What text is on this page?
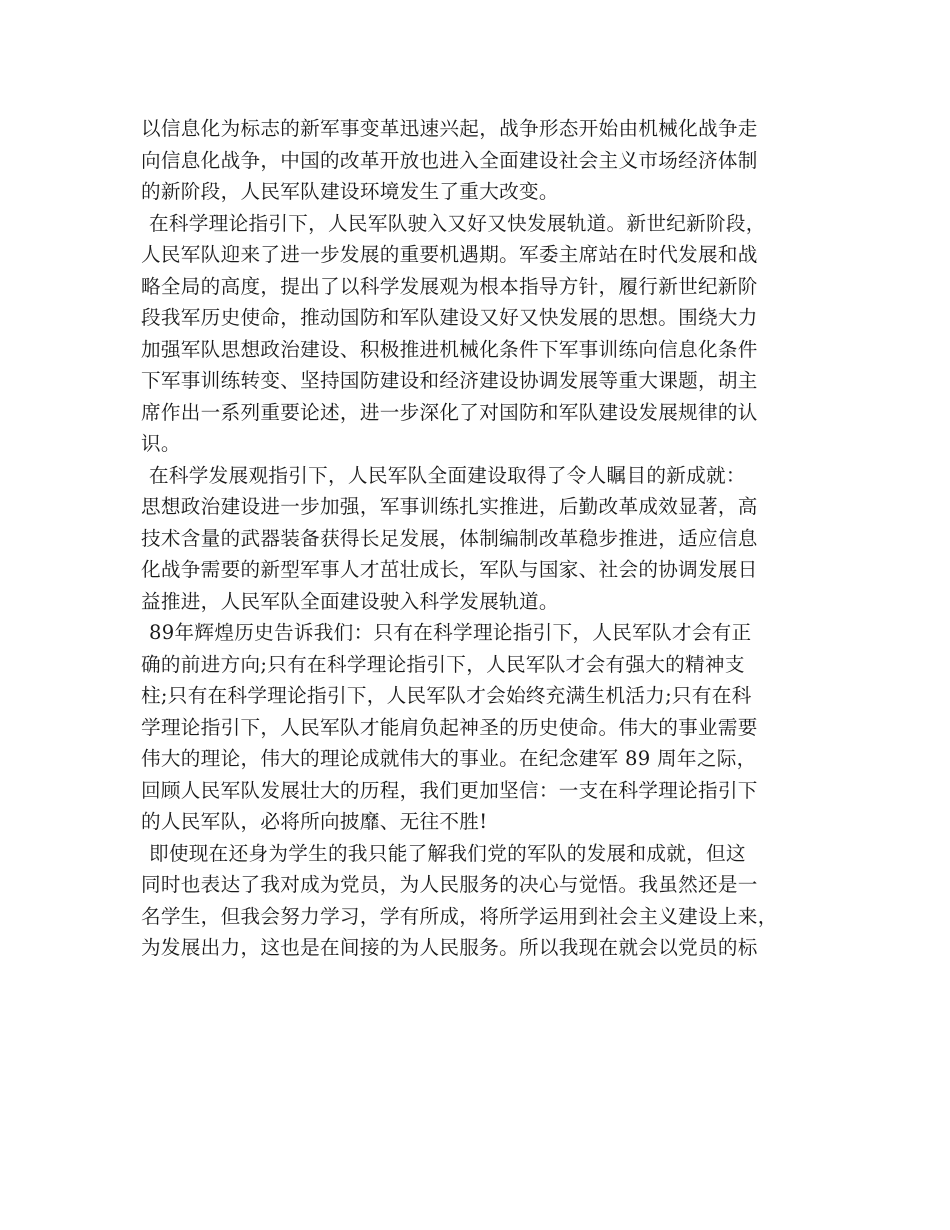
以信息化为标志的新军事变革迅速兴起，战争形态开始由机械化战争走
向信息化战争，中国的改革开放也进入全面建设社会主义市场经济体制
的新阶段，人民军队建设环境发生了重大改变。
在科学理论指引下，人民军队驶入又好又快发展轨道。新世纪新阶段，
人民军队迎来了进一步发展的重要机遇期。军委主席站在时代发展和战
略全局的高度，提出了以科学发展观为根本指导方针，履行新世纪新阶
段我军历史使命，推动国防和军队建设又好又快发展的思想。围绕大力
加强军队思想政治建设、积极推进机械化条件下军事训练向信息化条件
下军事训练转变、坚持国防建设和经济建设协调发展等重大课题，胡主
席作出一系列重要论述，进一步深化了对国防和军队建设发展规律的认
识。
在科学发展观指引下，人民军队全面建设取得了令人瞩目的新成就：
思想政治建设进一步加强，军事训练扎实推进，后勤改革成效显著，高
技术含量的武器装备获得长足发展，体制编制改革稳步推进，适应信息
化战争需要的新型军事人才茁壮成长，军队与国家、社会的协调发展日
益推进，人民军队全面建设驶入科学发展轨道。
89年辉煌历史告诉我们：只有在科学理论指引下，人民军队才会有正
确的前进方向;只有在科学理论指引下，人民军队才会有强大的精神支
柱;只有在科学理论指引下，人民军队才会始终充满生机活力;只有在科
学理论指引下，人民军队才能肩负起神圣的历史使命。伟大的事业需要
伟大的理论，伟大的理论成就伟大的事业。在纪念建军 89 周年之际，
回顾人民军队发展壮大的历程，我们更加坚信：一支在科学理论指引下
的人民军队，必将所向披靡、无往不胜!
即使现在还身为学生的我只能了解我们党的军队的发展和成就，但这
同时也表达了我对成为党员，为人民服务的决心与觉悟。我虽然还是一
名学生，但我会努力学习，学有所成，将所学运用到社会主义建设上来，
为发展出力，这也是在间接的为人民服务。所以我现在就会以党员的标
